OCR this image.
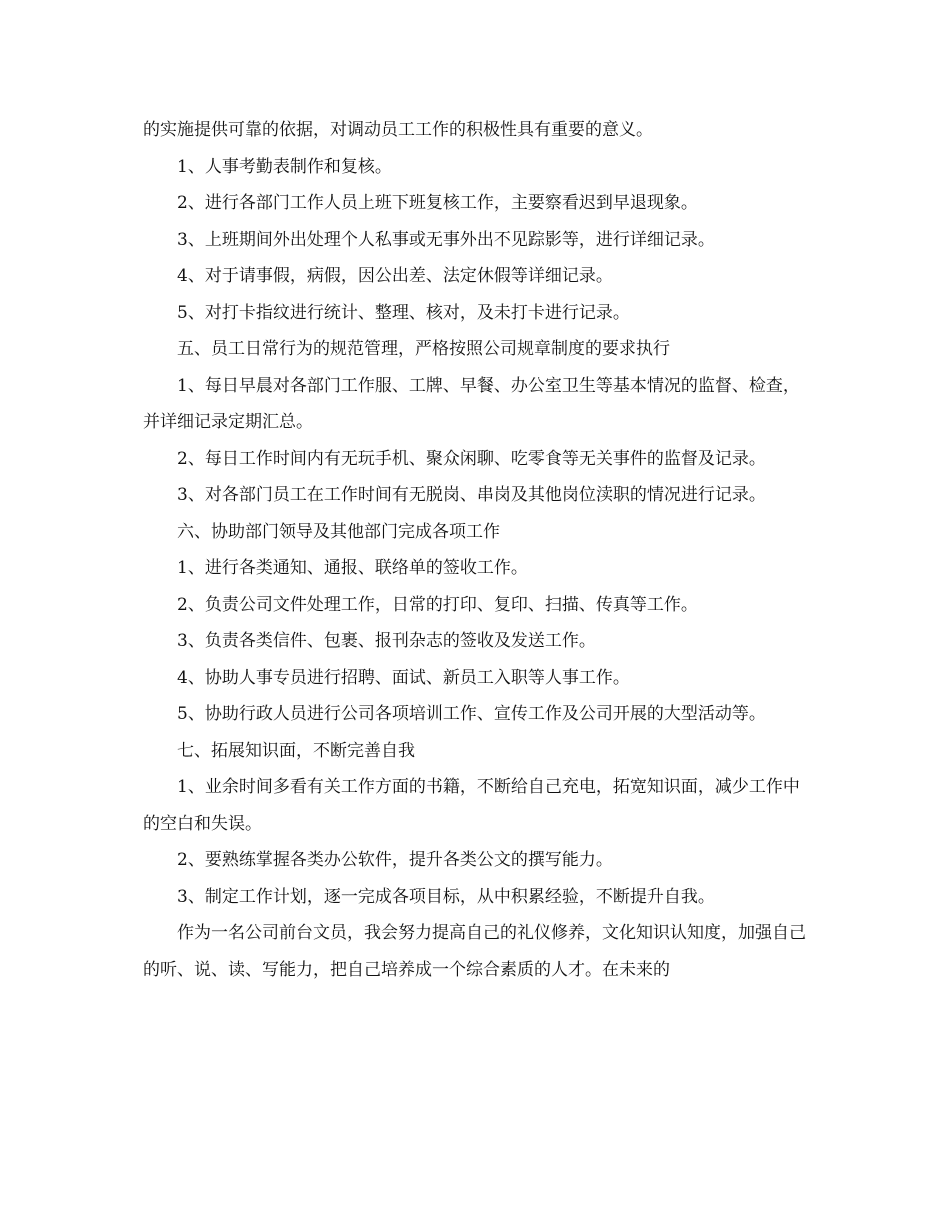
的实施提供可靠的依据，对调动员工工作的积极性具有重要的意义。

1、人事考勤表制作和复核。

2、进行各部门工作人员上班下班复核工作，主要察看迟到早退现象。

3、上班期间外出处理个人私事或无事外出不见踪影等，进行详细记录。

4、对于请事假，病假，因公出差、法定休假等详细记录。

5、对打卡指纹进行统计、整理、核对，及未打卡进行记录。

五、员工日常行为的规范管理，严格按照公司规章制度的要求执行

1、每日早晨对各部门工作服、工牌、早餐、办公室卫生等基本情况的监督、检查，并详细记录定期汇总。

2、每日工作时间内有无玩手机、聚众闲聊、吃零食等无关事件的监督及记录。

3、对各部门员工在工作时间有无脱岗、串岗及其他岗位渎职的情况进行记录。

六、协助部门领导及其他部门完成各项工作

1、进行各类通知、通报、联络单的签收工作。

2、负责公司文件处理工作，日常的打印、复印、扫描、传真等工作。

3、负责各类信件、包裹、报刊杂志的签收及发送工作。

4、协助人事专员进行招聘、面试、新员工入职等人事工作。

5、协助行政人员进行公司各项培训工作、宣传工作及公司开展的大型活动等。

七、拓展知识面，不断完善自我

1、业余时间多看有关工作方面的书籍，不断给自己充电，拓宽知识面，减少工作中的空白和失误。

2、要熟练掌握各类办公软件，提升各类公文的撰写能力。

3、制定工作计划，逐一完成各项目标，从中积累经验，不断提升自我。

作为一名公司前台文员，我会努力提高自己的礼仪修养，文化知识认知度，加强自己的听、说、读、写能力，把自己培养成一个综合素质的人才。在未来的
